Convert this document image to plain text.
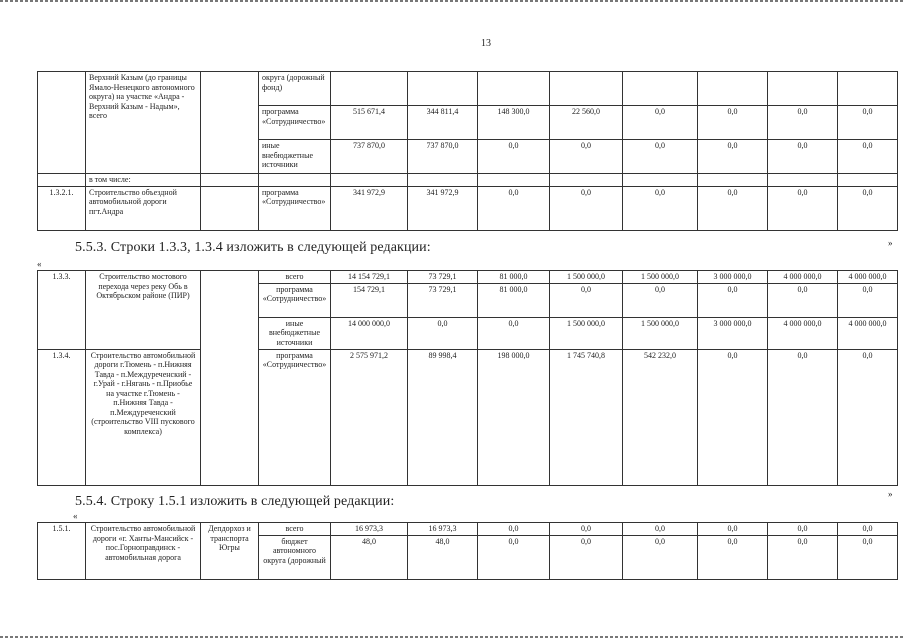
13
	Верхний Казым (до границы Ямало-Ненецкого автономного округа) на участке «Андра - Верхний Казым - Надым», всего		округа (дорожный фонд)								
			программа «Сотрудничество»	515 671,4	344 811,4	148 300,0	22 560,0	0,0	0,0	0,0	0,0
			иные внебюджетные источники	737 870,0	737 870,0	0,0	0,0	0,0	0,0	0,0	0,0
	в том числе:										
1.3.2.1.	Строительство объездной автомобильной дороги пгт.Андра		программа «Сотрудничество»	341 972,9	341 972,9	0,0	0,0	0,0	0,0	0,0	0,0
5.5.3. Строки 1.3.3, 1.3.4 изложить в следующей редакции:	»
«
1.3.3.	Строительство мостового перехода через реку Обь в Октябрьском районе (ПИР)		всего	14 154 729,1	73 729,1	81 000,0	1 500 000,0	1 500 000,0	3 000 000,0	4 000 000,0	4 000 000,0
			программа «Сотрудничество»	154 729,1	73 729,1	81 000,0	0,0	0,0	0,0	0,0	0,0
			иные внебюджетные источники	14 000 000,0	0,0	0,0	1 500 000,0	1 500 000,0	3 000 000,0	4 000 000,0	4 000 000,0
1.3.4.	Строительство автомобильной дороги г.Тюмень - п.Нижняя Тавда - п.Междуреченский - г.Урай - г.Нягань - п.Приобье на участке г.Тюмень - п.Нижняя Тавда - п.Междуреченский (строительство VIII пускового комплекса)		программа «Сотрудничество»	2 575 971,2	89 998,4	198 000,0	1 745 740,8	542 232,0	0,0	0,0	0,0
»
5.5.4. Строку 1.5.1 изложить в следующей редакции:
«
1.5.1.	Строительство автомобильной дороги «г. Ханты-Мансийск - пос.Горноправдинск - автомобильная дорога	Депдорхоз и транспорта Югры	всего	16 973,3	16 973,3	0,0	0,0	0,0	0,0	0,0	0,0
			бюджет автономного округа (дорожный	48,0	48,0	0,0	0,0	0,0	0,0	0,0	0,0
